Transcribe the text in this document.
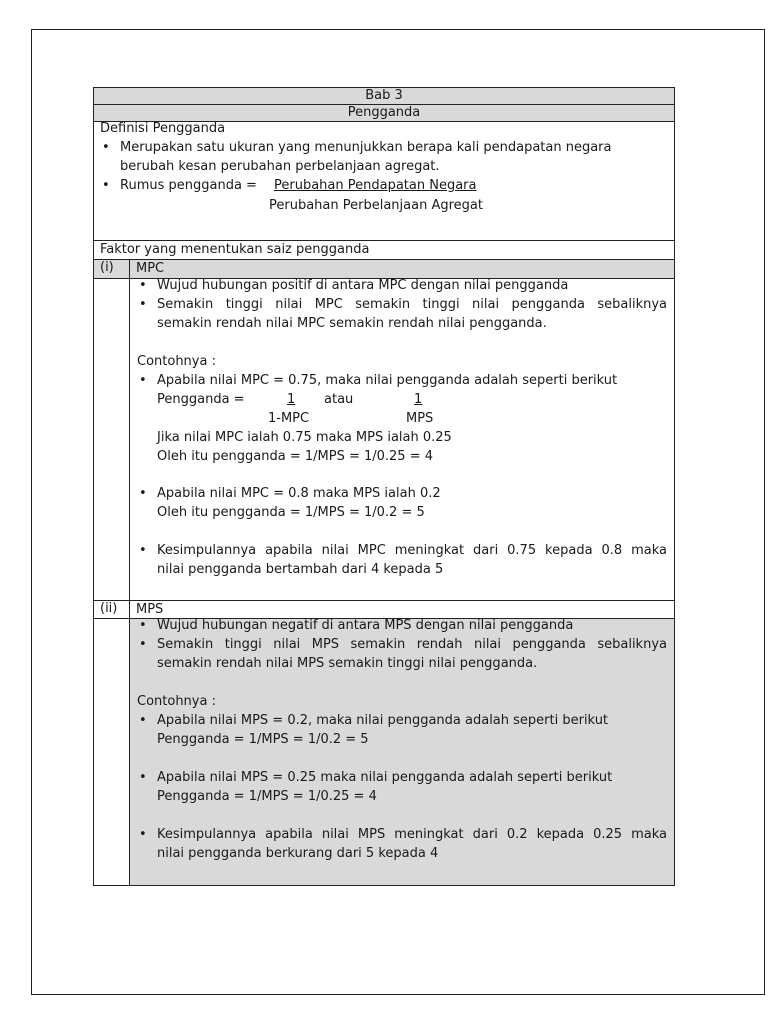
Bab 3
Pengganda
Definisi Pengganda
• Merupakan satu ukuran yang menunjukkan berapa kali pendapatan negara
berubah kesan perubahan perbelanjaan agregat.
• Rumus pengganda = Perubahan Pendapatan Negara
Perubahan Perbelanjaan Agregat
Faktor yang menentukan saiz pengganda
(i)	MPC
• Wujud hubungan positif di antara MPC dengan nilai pengganda
• Semakin tinggi nilai MPC semakin tinggi nilai pengganda sebaliknya
semakin rendah nilai MPC semakin rendah nilai pengganda.
Contohnya :
• Apabila nilai MPC = 0.75, maka nilai pengganda adalah seperti berikut
Pengganda =	1 atau	1
1-MPC	MPS
Jika nilai MPC ialah 0.75 maka MPS ialah 0.25
Oleh itu pengganda = 1/MPS = 1/0.25 = 4
• Apabila nilai MPC = 0.8 maka MPS ialah 0.2
Oleh itu pengganda = 1/MPS = 1/0.2 = 5
• Kesimpulannya apabila nilai MPC meningkat dari 0.75 kepada 0.8 maka
nilai pengganda bertambah dari 4 kepada 5
(ii)	MPS
• Wujud hubungan negatif di antara MPS dengan nilai pengganda
• Semakin tinggi nilai MPS semakin rendah nilai pengganda sebaliknya
semakin rendah nilai MPS semakin tinggi nilai pengganda.
Contohnya :
• Apabila nilai MPS = 0.2, maka nilai pengganda adalah seperti berikut
Pengganda = 1/MPS = 1/0.2 = 5
• Apabila nilai MPS = 0.25 maka nilai pengganda adalah seperti berikut
Pengganda = 1/MPS = 1/0.25 = 4
• Kesimpulannya apabila nilai MPS meningkat dari 0.2 kepada 0.25 maka
nilai pengganda berkurang dari 5 kepada 4
